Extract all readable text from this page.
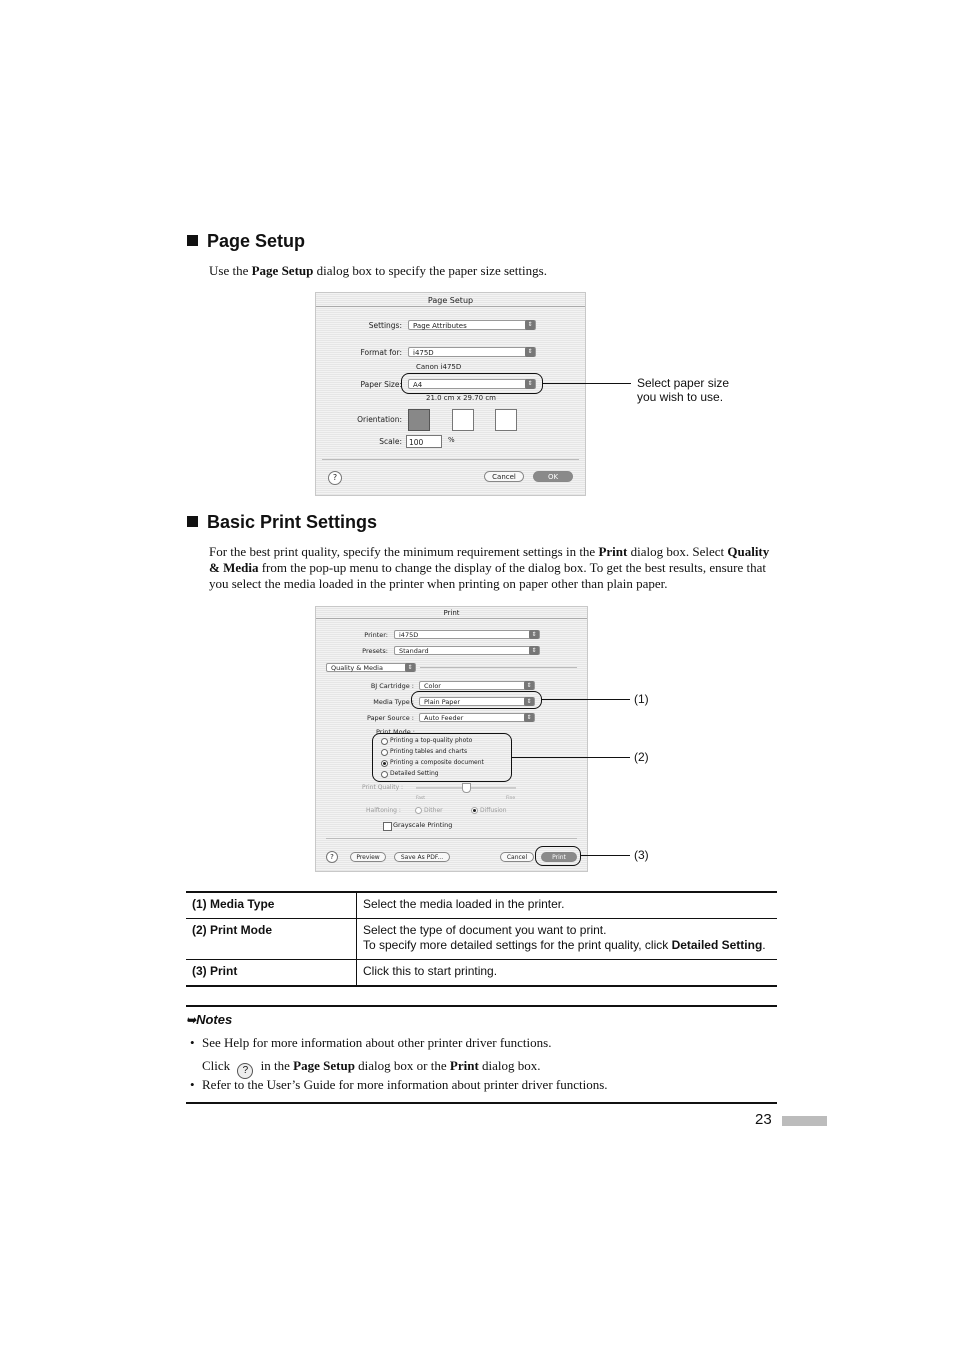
Page Setup
Use the Page Setup dialog box to specify the paper size settings.
Page Setup
Settings:	Page Attributes	⇕
Format for:	i475D	⇕
Canon i475D
Paper Size:	A4	⇕
21.0 cm x 29.70 cm
Orientation:
Scale: 100	%
?	Cancel	OK
Select paper size you wish to use.
Basic Print Settings
For the best print quality, specify the minimum requirement settings in the Print dialog box. Select Quality & Media from the pop-up menu to change the display of the dialog box. To get the best results, ensure that you select the media loaded in the printer when printing on paper other than plain paper.
Print
Printer:	i475D	⇕
Presets:	Standard	⇕
Quality & Media	⇕
BJ Cartridge :	Color	⇕
Media Type :	Plain Paper	⇕
Paper Source :	Auto Feeder	⇕
Print Mode :
Printing a top-quality photo
Printing tables and charts
Printing a composite document
Detailed Setting
Print Quality :
Fast	Fine
Halftoning :	Dither	Diffusion
Grayscale Printing
?	Preview	Save As PDF...	Cancel	Print
(1)
(2)
(3)
(1) Media Type	Select the media loaded in the printer.
(2) Print Mode	Select the type of document you want to print.
To specify more detailed settings for the print quality, click Detailed Setting.
(3) Print	Click this to start printing.
➥Notes
• See Help for more information about other printer driver functions.
Click ? in the Page Setup dialog box or the Print dialog box.
• Refer to the User’s Guide for more information about printer driver functions.
23
